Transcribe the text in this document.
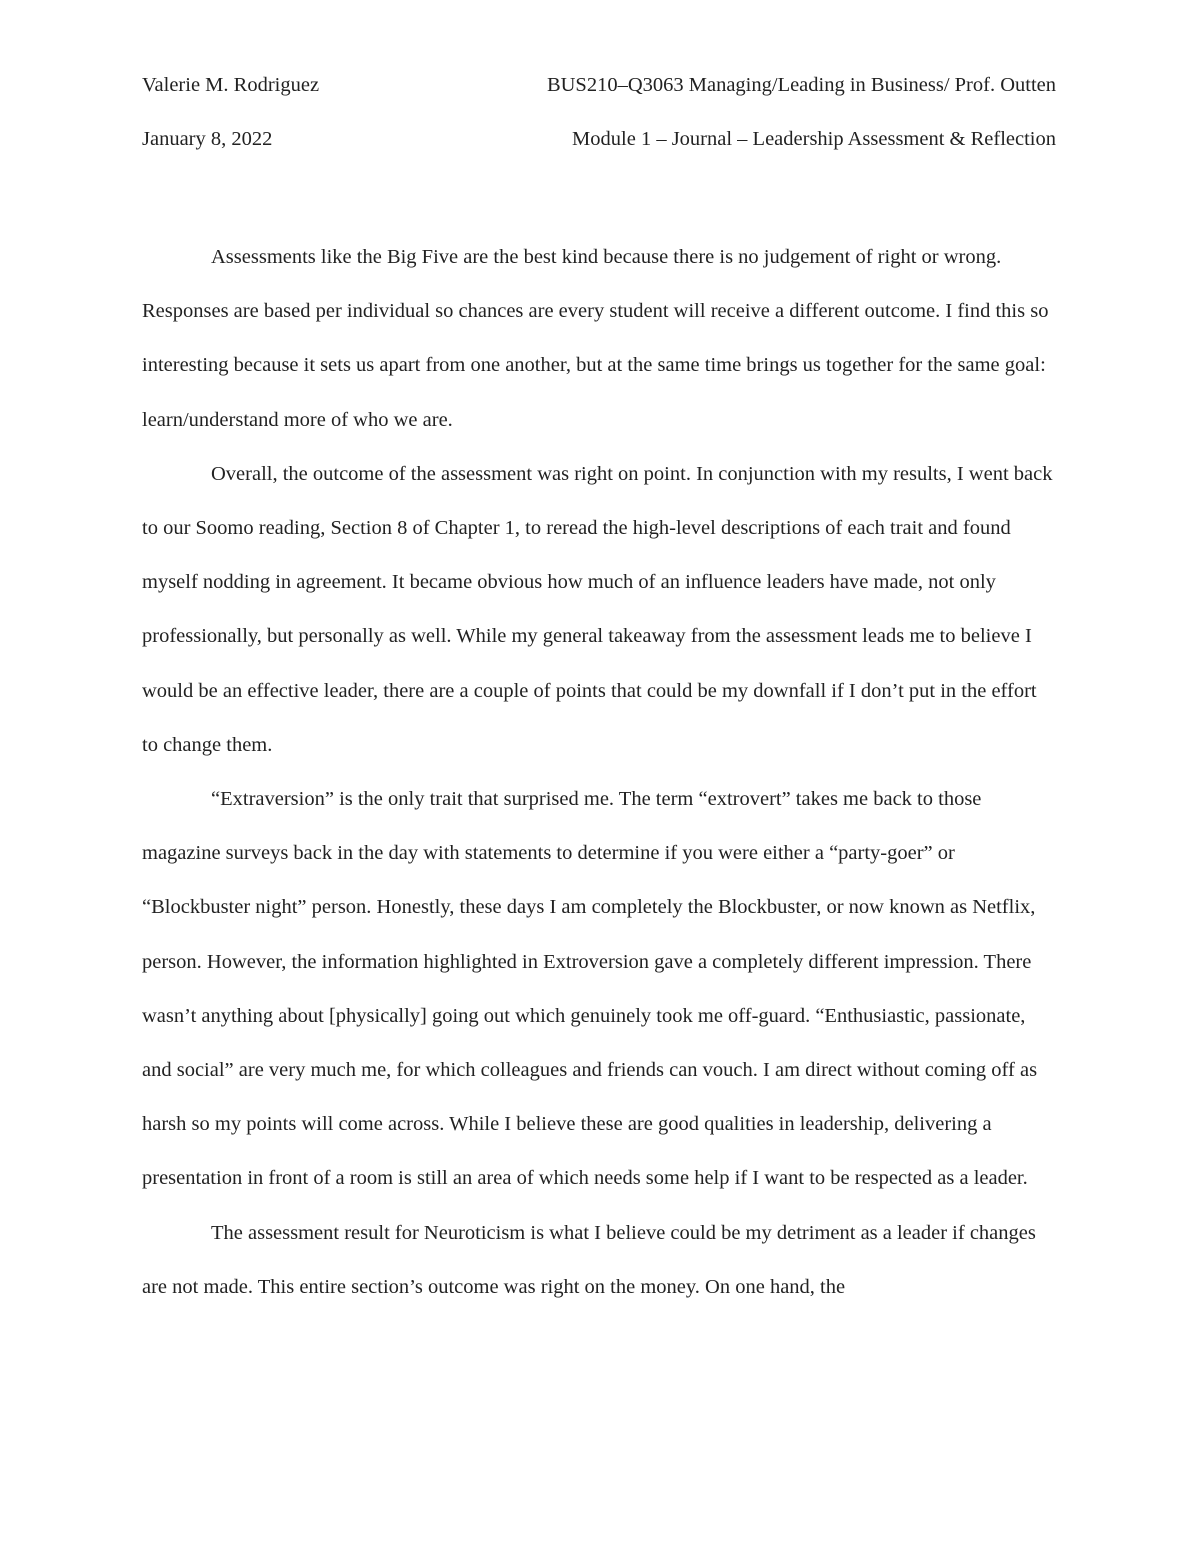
Valerie M. Rodriguez	BUS210–Q3063 Managing/Leading in Business/ Prof. Outten
January 8, 2022	Module 1 – Journal – Leadership Assessment & Reflection

Assessments like the Big Five are the best kind because there is no judgement of right or wrong. Responses are based per individual so chances are every student will receive a different outcome. I find this so interesting because it sets us apart from one another, but at the same time brings us together for the same goal: learn/understand more of who we are.

Overall, the outcome of the assessment was right on point. In conjunction with my results, I went back to our Soomo reading, Section 8 of Chapter 1, to reread the high-level descriptions of each trait and found myself nodding in agreement. It became obvious how much of an influence leaders have made, not only professionally, but personally as well. While my general takeaway from the assessment leads me to believe I would be an effective leader, there are a couple of points that could be my downfall if I don’t put in the effort to change them.

“Extraversion” is the only trait that surprised me. The term “extrovert” takes me back to those magazine surveys back in the day with statements to determine if you were either a “party-goer” or “Blockbuster night” person. Honestly, these days I am completely the Blockbuster, or now known as Netflix, person. However, the information highlighted in Extroversion gave a completely different impression. There wasn’t anything about [physically] going out which genuinely took me off-guard. “Enthusiastic, passionate, and social” are very much me, for which colleagues and friends can vouch. I am direct without coming off as harsh so my points will come across. While I believe these are good qualities in leadership, delivering a presentation in front of a room is still an area of which needs some help if I want to be respected as a leader.

The assessment result for Neuroticism is what I believe could be my detriment as a leader if changes are not made. This entire section’s outcome was right on the money. On one hand, the
